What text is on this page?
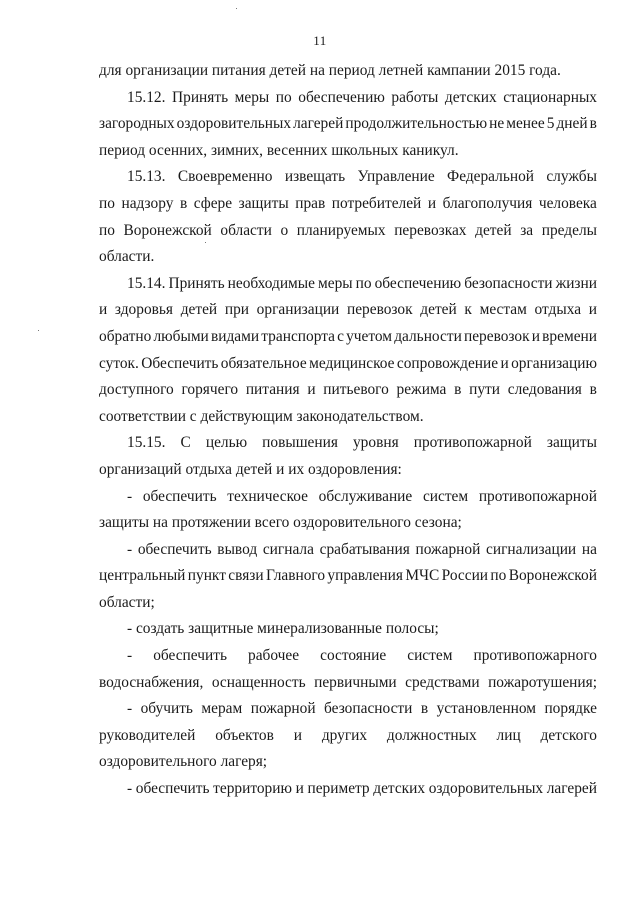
11
для организации питания детей на период летней кампании 2015 года.
15.12. Принять меры по обеспечению работы детских стационарных
загородных оздоровительных лагерей продолжительностью не менее 5 дней в
период осенних, зимних, весенних школьных каникул.
15.13. Своевременно извещать Управление Федеральной службы
по надзору в сфере защиты прав потребителей и благополучия человека
по Воронежской области о планируемых перевозках детей за пределы
области.
15.14. Принять необходимые меры по обеспечению безопасности жизни
и здоровья детей при организации перевозок детей к местам отдыха и
обратно любыми видами транспорта с учетом дальности перевозок и времени
суток. Обеспечить обязательное медицинское сопровождение и организацию
доступного горячего питания и питьевого режима в пути следования в
соответствии с действующим законодательством.
15.15. С целью повышения уровня противопожарной защиты
организаций отдыха детей и их оздоровления:
- обеспечить техническое обслуживание систем противопожарной
защиты на протяжении всего оздоровительного сезона;
- обеспечить вывод сигнала срабатывания пожарной сигнализации на
центральный пункт связи Главного управления МЧС России по Воронежской
области;
- создать защитные минерализованные полосы;
- обеспечить рабочее состояние систем противопожарного
водоснабжения, оснащенность первичными средствами пожаротушения;
- обучить мерам пожарной безопасности в установленном порядке
руководителей объектов и других должностных лиц детского
оздоровительного лагеря;
- обеспечить территорию и периметр детских оздоровительных лагерей
